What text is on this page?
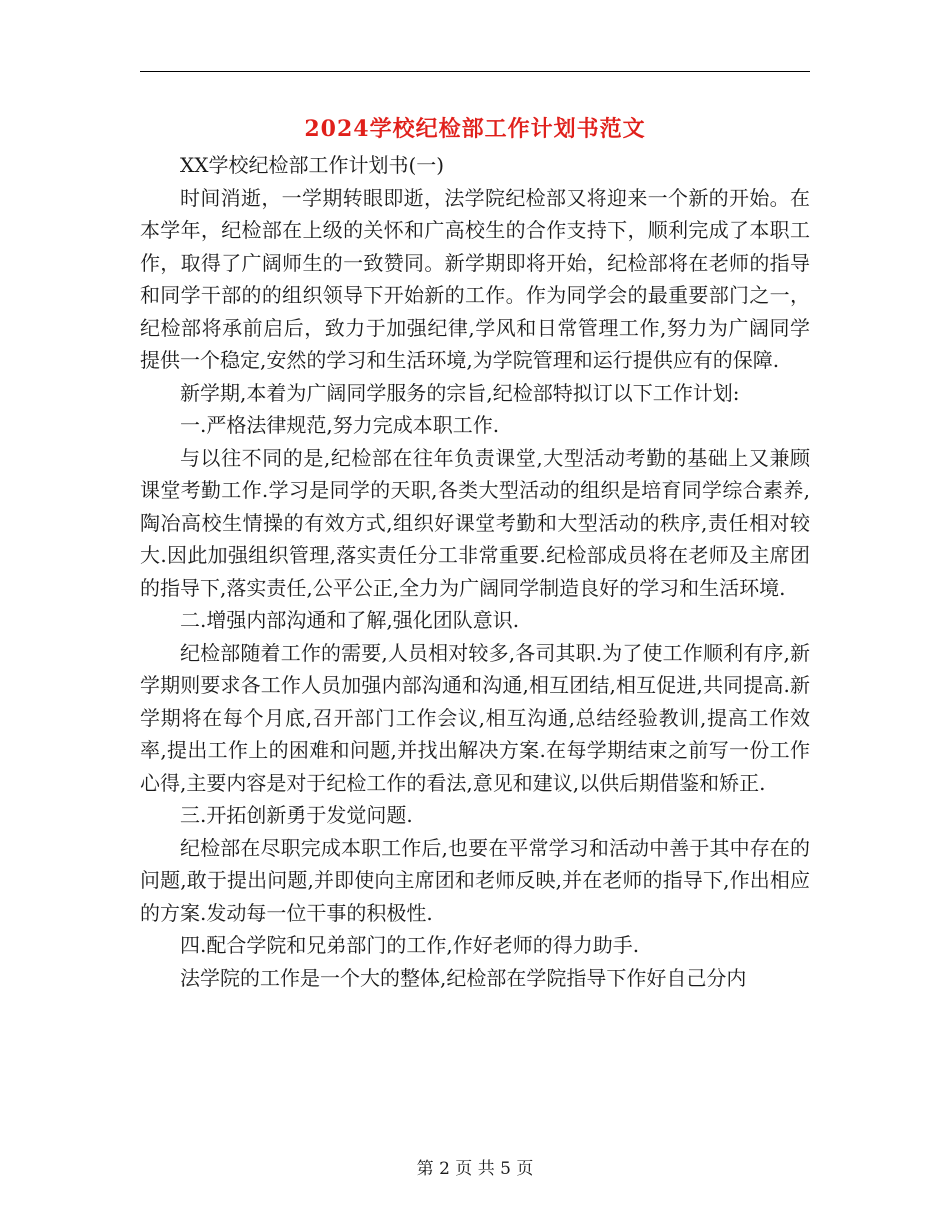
2024学校纪检部工作计划书范文

XX学校纪检部工作计划书(一)

时间消逝，一学期转眼即逝，法学院纪检部又将迎来一个新的开始。在本学年，纪检部在上级的关怀和广高校生的合作支持下，顺利完成了本职工作，取得了广阔师生的一致赞同。新学期即将开始，纪检部将在老师的指导和同学干部的的组织领导下开始新的工作。作为同学会的最重要部门之一，纪检部将承前启后，致力于加强纪律,学风和日常管理工作,努力为广阔同学提供一个稳定,安然的学习和生活环境,为学院管理和运行提供应有的保障.

新学期,本着为广阔同学服务的宗旨,纪检部特拟订以下工作计划:

一.严格法律规范,努力完成本职工作.

与以往不同的是,纪检部在往年负责课堂,大型活动考勤的基础上又兼顾课堂考勤工作.学习是同学的天职,各类大型活动的组织是培育同学综合素养,陶冶高校生情操的有效方式,组织好课堂考勤和大型活动的秩序,责任相对较大.因此加强组织管理,落实责任分工非常重要.纪检部成员将在老师及主席团的指导下,落实责任,公平公正,全力为广阔同学制造良好的学习和生活环境.

二.增强内部沟通和了解,强化团队意识.

纪检部随着工作的需要,人员相对较多,各司其职.为了使工作顺利有序,新学期则要求各工作人员加强内部沟通和沟通,相互团结,相互促进,共同提高.新学期将在每个月底,召开部门工作会议,相互沟通,总结经验教训,提高工作效率,提出工作上的困难和问题,并找出解决方案.在每学期结束之前写一份工作心得,主要内容是对于纪检工作的看法,意见和建议,以供后期借鉴和矫正.

三.开拓创新勇于发觉问题.

纪检部在尽职完成本职工作后,也要在平常学习和活动中善于其中存在的问题,敢于提出问题,并即使向主席团和老师反映,并在老师的指导下,作出相应的方案.发动每一位干事的积极性.

四.配合学院和兄弟部门的工作,作好老师的得力助手.

法学院的工作是一个大的整体,纪检部在学院指导下作好自己分内

第 2 页 共 5 页
